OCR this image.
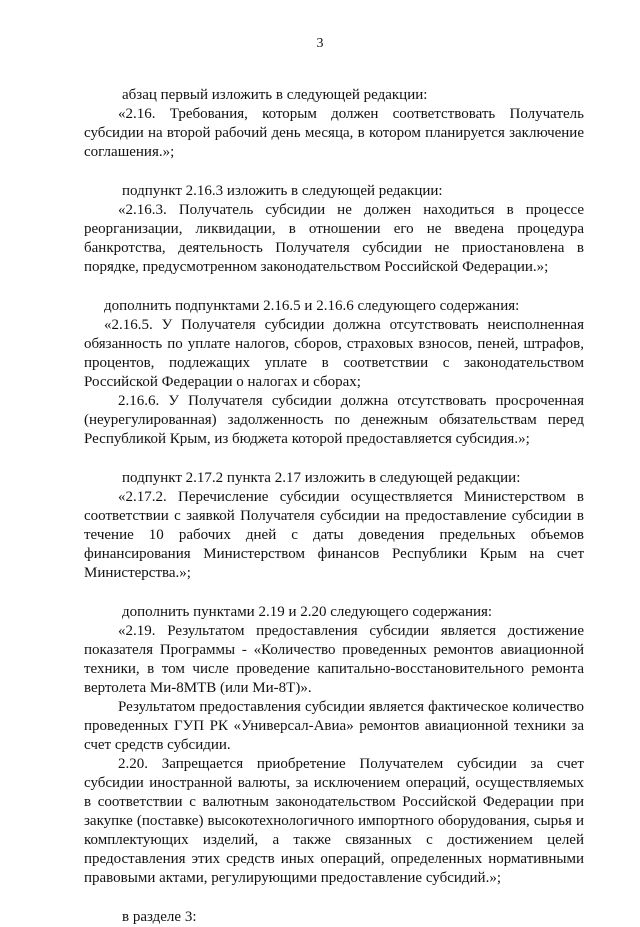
3

абзац первый изложить в следующей редакции:

«2.16. Требования, которым должен соответствовать Получатель субсидии на второй рабочий день месяца, в котором планируется заключение соглашения.»;

подпункт 2.16.3 изложить в следующей редакции:

«2.16.3. Получатель субсидии не должен находиться в процессе реорганизации, ликвидации, в отношении его не введена процедура банкротства, деятельность Получателя субсидии не приостановлена в порядке, предусмотренном законодательством Российской Федерации.»;

дополнить подпунктами 2.16.5 и 2.16.6 следующего содержания:

«2.16.5. У Получателя субсидии должна отсутствовать неисполненная обязанность по уплате налогов, сборов, страховых взносов, пеней, штрафов, процентов, подлежащих уплате в соответствии с законодательством Российской Федерации о налогах и сборах;

2.16.6. У Получателя субсидии должна отсутствовать просроченная (неурегулированная) задолженность по денежным обязательствам перед Республикой Крым, из бюджета которой предоставляется субсидия.»;

подпункт 2.17.2 пункта 2.17 изложить в следующей редакции:

«2.17.2. Перечисление субсидии осуществляется Министерством в соответствии с заявкой Получателя субсидии на предоставление субсидии в течение 10 рабочих дней с даты доведения предельных объемов финансирования Министерством финансов Республики Крым на счет Министерства.»;

дополнить пунктами 2.19 и 2.20 следующего содержания:

«2.19. Результатом предоставления субсидии является достижение показателя Программы - «Количество проведенных ремонтов авиационной техники, в том числе проведение капитально-восстановительного ремонта вертолета Ми-8МТВ (или Ми-8Т)».

Результатом предоставления субсидии является фактическое количество проведенных ГУП РК «Универсал-Авиа» ремонтов авиационной техники за счет средств субсидии.

2.20. Запрещается приобретение Получателем субсидии за счет субсидии иностранной валюты, за исключением операций, осуществляемых в соответствии с валютным законодательством Российской Федерации при закупке (поставке) высокотехнологичного импортного оборудования, сырья и комплектующих изделий, а также связанных с достижением целей предоставления этих средств иных операций, определенных нормативными правовыми актами, регулирующими предоставление субсидий.»;

в разделе 3:
